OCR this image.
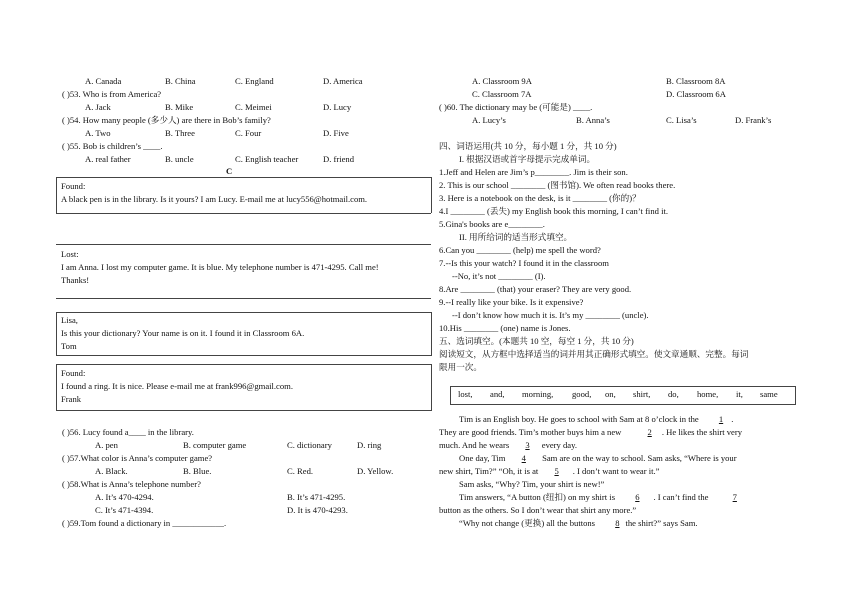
A. Canada	B. China	C. England	D. America
( )53. Who is from America?
A. Jack	B. Mike	C. Meimei	D. Lucy
( )54. How many people (多少人) are there in Bob’s family?
A. Two	B. Three	C. Four	D. Five
( )55. Bob is children’s ____.
A. real father	B. uncle	C. English teacher	D. friend
C
Found:
A black pen is in the library. Is it yours? I am Lucy. E-mail me at lucy556@hotmail.com.
Lost:
I am Anna. I lost my computer game. It is blue. My telephone number is 471-4295. Call me!
Thanks!
Lisa,
Is this your dictionary? Your name is on it. I found it in Classroom 6A.
Tom
Found:
I found a ring. It is nice. Please e-mail me at frank996@gmail.com.
Frank
( )56. Lucy found a____ in the library.
A. pen	B. computer game	C. dictionary	D. ring
( )57.What color is Anna’s computer game?
A. Black.	B. Blue.	C. Red.	D. Yellow.
( )58.What is Anna’s telephone number?
A. It’s 470-4294.	B. It’s 471-4295.
C. It’s 471-4394.	D. It is 470-4293.
( )59.Tom found a dictionary in ____________.
A. Classroom 9A	B. Classroom 8A
C. Classroom 7A	D. Classroom 6A
( )60. The dictionary may be (可能是) ____.
A. Lucy’s	B. Anna’s	C. Lisa’s	D. Frank’s
四、词语运用(共 10 分，每小题 1 分，共 10 分)
I. 根据汉语或首字母提示完成单词。
1.Jeff and Helen are Jim’s p________. Jim is their son.
2. This is our school ________ (图书馆). We often read books there.
3. Here is a notebook on the desk, is it ________ (你的)？
4.I ________ (丢失) my English book this morning, I can’t find it.
5.Gina's books are e________.
II. 用所给词的适当形式填空。
6.Can you ________ (help) me spell the word?
7.--Is this your watch? I found it in the classroom
--No, it’s not ________ (I).
8.Are ________ (that) your eraser? They are very good.
9.--I really like your bike. Is it expensive?
--I don’t know how much it is. It’s my ________ (uncle).
10.His ________ (one) name is Jones.
五、选词填空。(本题共 10 空，每空 1 分，共 10 分)
阅读短文，从方框中选择适当的词并用其正确形式填空。使文章通顺、完整。每词
限用一次。
lost, and, morning, good, on, shirt, do, home, it, same
Tim is an English boy. He goes to school with Sam at 8 o’clock in the 1 .
They are good friends. Tim’s mother buys him a new	2 . He likes the shirt very
much. And he wears 3 every day.
One day, Tim 4 Sam are on the way to school. Sam asks, “Where is your
new shirt, Tim?” “Oh, it is at 5 . I don’t want to wear it.”
Sam asks, “Why? Tim, your shirt is new!”
Tim answers, “A button (纽扣) on my shirt is 6 . I can’t find the	7
button as the others. So I don’t wear that shirt any more.”
“Why not change (更换) all the buttons 8 the shirt?” says Sam.
